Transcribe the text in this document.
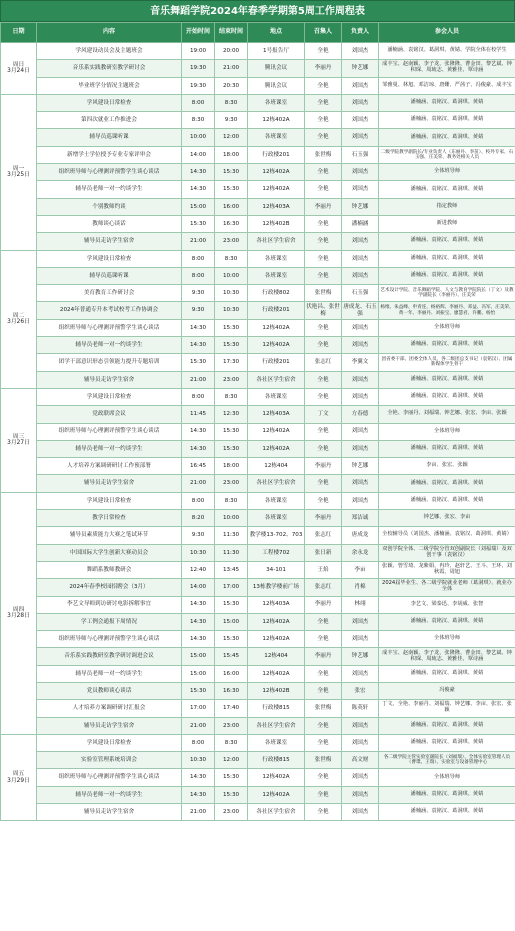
音乐舞蹈学院2024年春季学期第5周工作周程表
日期	内容	开始时间	结束时间	地点	召集人	负责人	参会人员
周日
3月24日	学风建设动员会及主题班会	19:00	20:00	1号报告厅	全艳	刘国杰	潘楠涵、袁铭汉、葛洞琪、黄婧、学院全体在校学生
	音乐系实践教研室教学研讨会	19:30	21:00	腾讯会议	李丽丹	钟艺娜	成丰宝、赵南颖、李子龙、张隆隆、曹金田、黎艺斌、钟积琛、周琉志、黄雅佳、覃诗涵
	毕业班学分情况主题班会	19:30	20:30	腾讯会议	全艳	刘国杰	邹雅曼、林旭、邓洁琼、唐姗、严茜子、冯俊豪、成丰宝
周一
3月25日	学风建设日常检查	8:00	8:30	各班课室	全艳	刘国杰	潘楠涵、袁铭汉、葛洞琪、黄婧
	第四次就业工作推进会	8:30	9:30	12栋402A	全艳	刘国杰	潘楠涵、袁铭汉、葛洞琪、黄婧
	辅导员巡课听课	10:00	12:00	各班课室	全艳	刘国杰	潘楠涵、袁铭汉、葛洞琪、黄婧
	新增学士学位授予专业专家评审会	14:00	18:00	行政楼201	张世梅	石玉强	二级学院教学副院长/专业负责人（东丽丹、李苗）、校外专家、石玉强、庄美荣、教务处相关人员
	组织班导师与心理测评预警学生谈心谈话	14:30	15:30	12栋402A	全艳	刘国杰	全体班导师
	辅导员老师一对一约谈学生	14:30	15:30	12栋402A	全艳	刘国杰	潘楠涵、袁铭汉、葛洞琪、黄婧
	个别教师约谈	15:00	16:00	12栋403A	李丽丹	钟艺娜	指定教师
	教师谈心谈话	15:30	16:30	12栋402B	全艳	潘楠涵	新进教师
	辅导员走访学生宿舍	21:00	23:00	各社区学生宿舍	全艳	刘国杰	潘楠涵、袁铭汉、葛洞琪、黄婧
周二
3月26日	学风建设日常检查	8:00	8:30	各班课室	全艳	刘国杰	潘楠涵、袁铭汉、葛洞琪、黄婧
	辅导员巡课听课	8:00	10:00	各班课室	全艳	刘国杰	潘楠涵、袁铭汉、葛洞琪、黄婧
	美育教育工作研讨会	9:30	10:30	行政楼802	张世梅	石玉强	艺术设计学院、音乐舞蹈学院、人文与教育学院院长（丁文）及教学副院长（李丽丹）、庄美荣
	2024年普通专升本考试校考工作协调会	9:30	10:30	行政楼201	伏艳昌、张世梅	唐成龙、石玉强	杨维、朱益峰、申青连、杨裕辉、李丽丹、邓益、冯军、庄美荣、黄一年、李丽丹、刘振宝、廖慧君、许鹏、杨怡
	组织班导师与心理测评预警学生谈心谈话	14:30	15:30	12栋402A	全艳	刘国杰	全体班导师
	辅导员老师一对一约谈学生	14:30	15:30	12栋402A	全艳	刘国杰	潘楠涵、袁铭汉、葛洞琪、黄婧
	团学干部意识形态引领能力提升专题培训	15:30	17:30	行政楼201	张志红	李翼文	团省委干部、团委全体人员、各二级团总支书记（袁铭汉）、团属新媒体学生骨干
	辅导员走访学生宿舍	21:00	23:00	各社区学生宿舍	全艳	刘国杰	潘楠涵、袁铭汉、葛洞琪、黄婧
周三
3月27日	学风建设日常检查	8:00	8:30	各班课室	全艳	刘国杰	潘楠涵、袁铭汉、葛洞琪、黄婧
	党政联席会议	11:45	12:30	12栋403A	丁文	方春德	全艳、李丽丹、刘福瑞、钟艺娜、张宏、李亩、张颖
	组织班导师与心理测评预警学生谈心谈话	14:30	15:30	12栋402A	全艳	刘国杰	全体班导师
	辅导员老师一对一约谈学生	14:30	15:30	12栋402A	全艳	刘国杰	潘楠涵、袁铭汉、葛洞琪、黄婧
	人才培养方案调研研讨工作预部署	16:45	18:00	12栋404	李丽丹	钟艺娜	李亩、张宏、张颖
	辅导员走访学生宿舍	21:00	23:00	各社区学生宿舍	全艳	刘国杰	潘楠涵、袁铭汉、葛洞琪、黄婧
周四
3月28日	学风建设日常检查	8:00	8:30	各班课室	全艳	刘国杰	潘楠涵、袁铭汉、葛洞琪、黄婧
	教学日常检查	8:20	10:00	各班课室	李丽丹	郑洁诚	钟艺娜、张宏、李亩
	辅导员素质能力大赛之笔试环节	9:30	11:30	教学楼13-702、703	张志红	唐成龙	全校辅导员（刘国杰、潘楠涵、袁铭汉、葛洞琪、黄婧）
	中国国际大学生创新大赛动员会	10:30	11:30	工程楼702	张日新	余永龙	双创学院全体、二级学院分管双创副院长（刘福瑞）及双创干事（袁铭汉）
	舞蹈系教师教研会	12:40	13:45	34-101	王焰	李亩	张颖、曾雪琦、龙紫娟、冉玲、赵轩艺、王斗、王环、刘秋霞、周旭
	2024年春季校园招聘会（3月）	14:00	17:00	13栋教学楼前广场	张志红	肖棉	2024届毕业生、各二级学院就业老师（葛洞琪）、就业办全体
	李艺文导师到访研讨电影拆解事宜	14:30	15:30	12栋403A	李丽丹	林翊	李艺文、梁泰迅、李胡威、张智
	学工例会通报下周情况	14:30	15:00	12栋402A	全艳	刘国杰	潘楠涵、袁铭汉、葛洞琪、黄婧
	组织班导师与心理测评预警学生谈心谈话	14:30	15:30	12栋402A	全艳	刘国杰	全体班导师
	音乐系实践教研室教学研讨调进会议	15:00	15:45	12栋404	李丽丹	钟艺娜	成丰宝、赵南颖、李子龙、张隆隆、曹金田、黎艺斌、钟积琛、周琉志、黄雅佳、覃诗涵
	辅导员老师一对一约谈学生	15:00	16:00	12栋402A	全艳	刘国杰	潘楠涵、袁铭汉、葛洞琪、黄婧
	党员教师谈心谈话	15:30	16:30	12栋402B	全艳	张宏	冯俊豪
	人才培养方案调研研讨汇报会	17:00	17:40	行政楼815	张世梅	陈英轩	丁文、全艳、李丽丹、刘福瑞、钟艺娜、李亩、张宏、张颖
	辅导员走访学生宿舍	21:00	23:00	各社区学生宿舍	全艳	刘国杰	潘楠涵、袁铭汉、葛洞琪、黄婧
周五
3月29日	学风建设日常检查	8:00	8:30	各班课室	全艳	刘国杰	潘楠涵、袁铭汉、葛洞琪、黄婧
	实验室管理系统培训会	10:30	12:00	行政楼815	张世梅	高文财	各二级学院主管实验室副院长（刘福瑞）、全体实验室管理人员（曹璟、王瑞）、实验室与设备管理中心
	组织班导师与心理测评预警学生谈心谈话	14:30	15:30	12栋402A	全艳	刘国杰	全体班导师
	辅导员老师一对一约谈学生	14:30	15:30	12栋402A	全艳	刘国杰	潘楠涵、袁铭汉、葛洞琪、黄婧
	辅导员走访学生宿舍	21:00	23:00	各社区学生宿舍	全艳	刘国杰	潘楠涵、袁铭汉、葛洞琪、黄婧
